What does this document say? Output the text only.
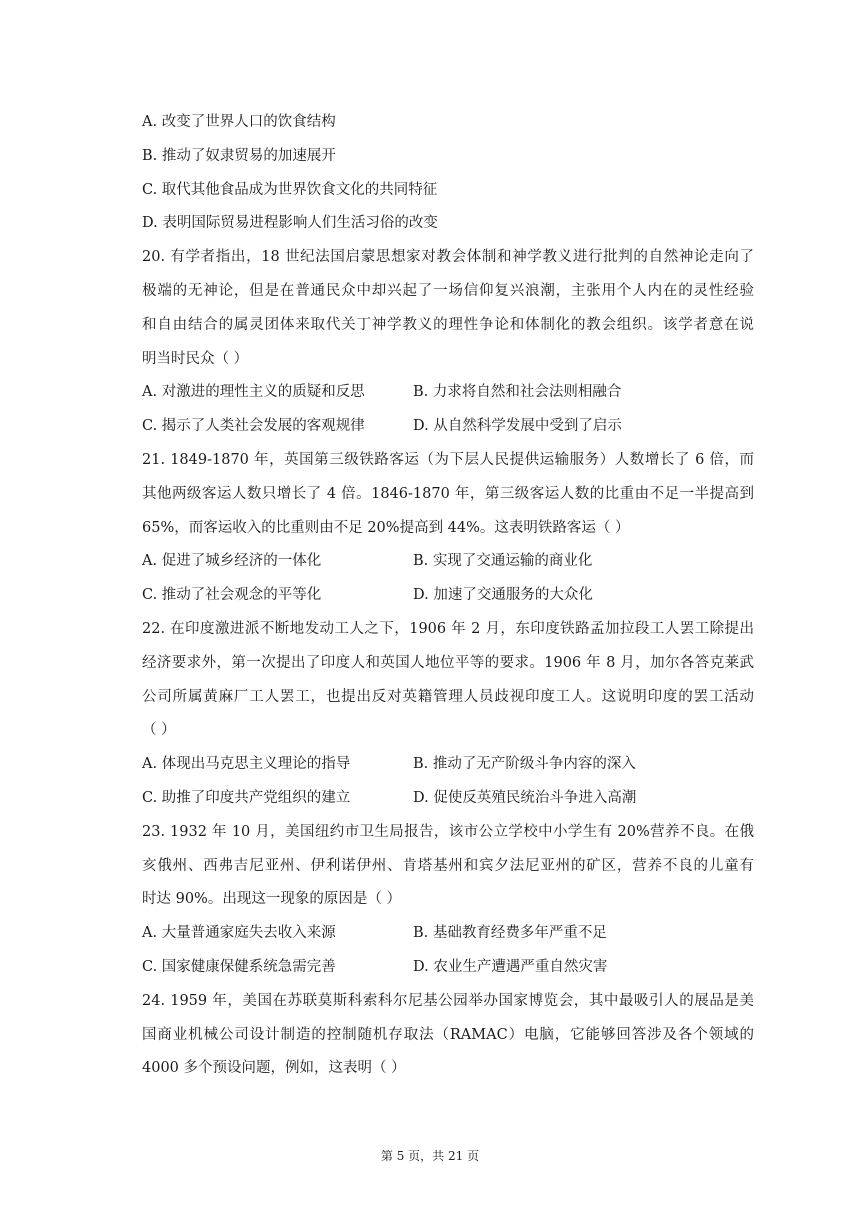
A. 改变了世界人口的饮食结构
B. 推动了奴隶贸易的加速展开
C. 取代其他食品成为世界饮食文化的共同特征
D. 表明国际贸易进程影响人们生活习俗的改变
20. 有学者指出，18 世纪法国启蒙思想家对教会体制和神学教义进行批判的自然神论走向了
极端的无神论，但是在普通民众中却兴起了一场信仰复兴浪潮，主张用个人内在的灵性经验
和自由结合的属灵团体来取代关丁神学教义的理性争论和体制化的教会组织。该学者意在说
明当时民众（ ）
A. 对激进的理性主义的质疑和反思	B. 力求将自然和社会法则相融合
C. 揭示了人类社会发展的客观规律	D. 从自然科学发展中受到了启示
21. 1849-1870 年，英国第三级铁路客运（为下层人民提供运输服务）人数增长了 6 倍，而
其他两级客运人数只增长了 4 倍。1846-1870 年，第三级客运人数的比重由不足一半提高到
65%，而客运收入的比重则由不足 20%提高到 44%。这表明铁路客运（ ）
A. 促进了城乡经济的一体化	B. 实现了交通运输的商业化
C. 推动了社会观念的平等化	D. 加速了交通服务的大众化
22. 在印度激进派不断地发动工人之下，1906 年 2 月，东印度铁路孟加拉段工人罢工除提出
经济要求外，第一次提出了印度人和英国人地位平等的要求。1906 年 8 月，加尔各答克莱武
公司所属黄麻厂工人罢工，也提出反对英籍管理人员歧视印度工人。这说明印度的罢工活动
（ ）
A. 体现出马克思主义理论的指导	B. 推动了无产阶级斗争内容的深入
C. 助推了印度共产党组织的建立	D. 促使反英殖民统治斗争进入高潮
23. 1932 年 10 月，美国纽约市卫生局报告，该市公立学校中小学生有 20%营养不良。在俄
亥俄州、西弗吉尼亚州、伊利诺伊州、肯塔基州和宾夕法尼亚州的矿区，营养不良的儿童有
时达 90%。出现这一现象的原因是（ ）
A. 大量普通家庭失去收入来源	B. 基础教育经费多年严重不足
C. 国家健康保健系统急需完善	D. 农业生产遭遇严重自然灾害
24. 1959 年，美国在苏联莫斯科索科尔尼基公园举办国家博览会，其中最吸引人的展品是美
国商业机械公司设计制造的控制随机存取法（RAMAC）电脑，它能够回答涉及各个领域的
4000 多个预设问题，例如，这表明（ ）
第 5 页，共 21 页
